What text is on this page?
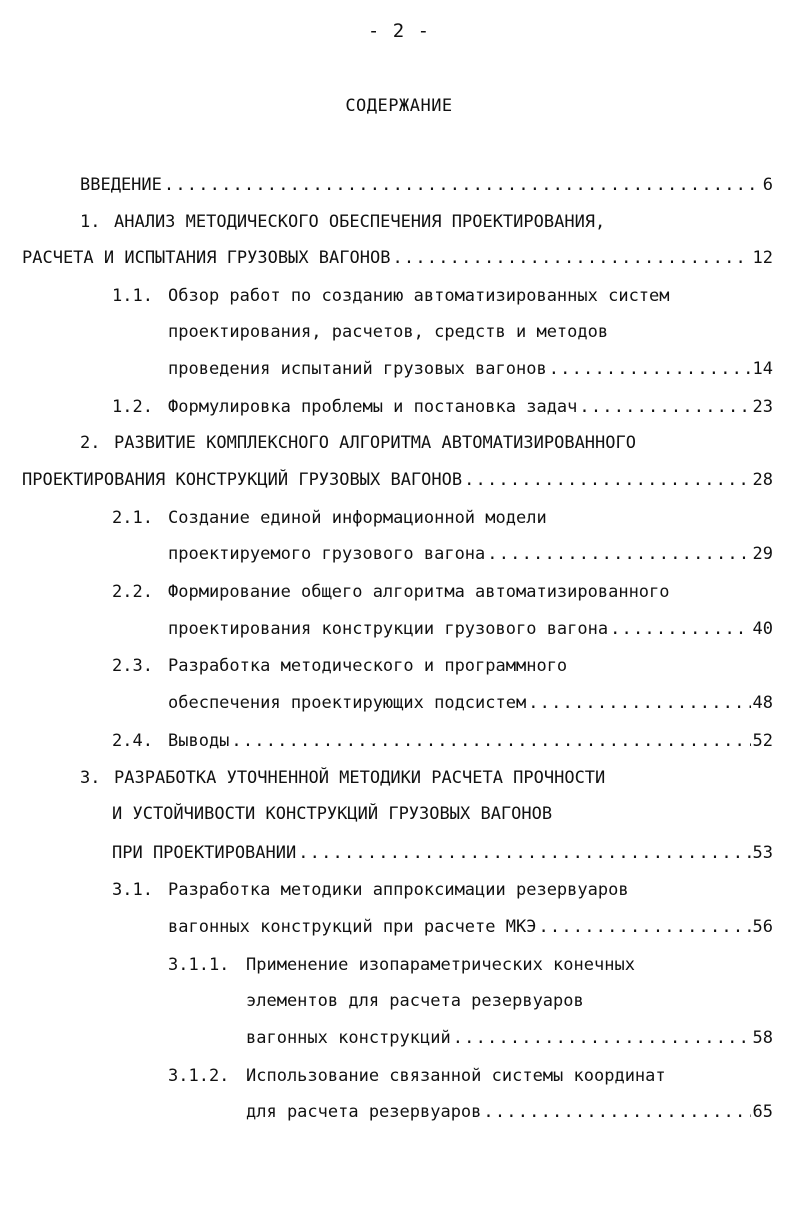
- 2 -
СОДЕРЖАНИЕ
ВВЕДЕНИЕ .....	6
1. АНАЛИЗ МЕТОДИЧЕСКОГО ОБЕСПЕЧЕНИЯ ПРОЕКТИРОВАНИЯ,
РАСЧЕТА И ИСПЫТАНИЯ ГРУЗОВЫХ ВАГОНОВ .....	12
1.1. Обзор работ по созданию автоматизированных систем
проектирования, расчетов, средств и методов
проведения испытаний грузовых вагонов .....	14
1.2. Формулировка проблемы и постановка задач .....	23
2. РАЗВИТИЕ КОМПЛЕКСНОГО АЛГОРИТМА АВТОМАТИЗИРОВАННОГО
ПРОЕКТИРОВАНИЯ КОНСТРУКЦИЙ ГРУЗОВЫХ ВАГОНОВ .....	28
2.1. Создание единой информационной модели
проектируемого грузового вагона .....	29
2.2. Формирование общего алгоритма автоматизированного
проектирования конструкции грузового вагона .....	40
2.3. Разработка методического и программного
обеспечения проектирующих подсистем .....	48
2.4. Выводы .....	52
3. РАЗРАБОТКА УТОЧНЕННОЙ МЕТОДИКИ РАСЧЕТА ПРОЧНОСТИ
И УСТОЙЧИВОСТИ КОНСТРУКЦИЙ ГРУЗОВЫХ ВАГОНОВ
ПРИ ПРОЕКТИРОВАНИИ .....	53
3.1. Разработка методики аппроксимации резервуаров
вагонных конструкций при расчете МКЭ .....	56
3.1.1. Применение изопараметрических конечных
элементов для расчета резервуаров
вагонных конструкций .....	58
3.1.2. Использование связанной системы координат
для расчета резервуаров .....	65
